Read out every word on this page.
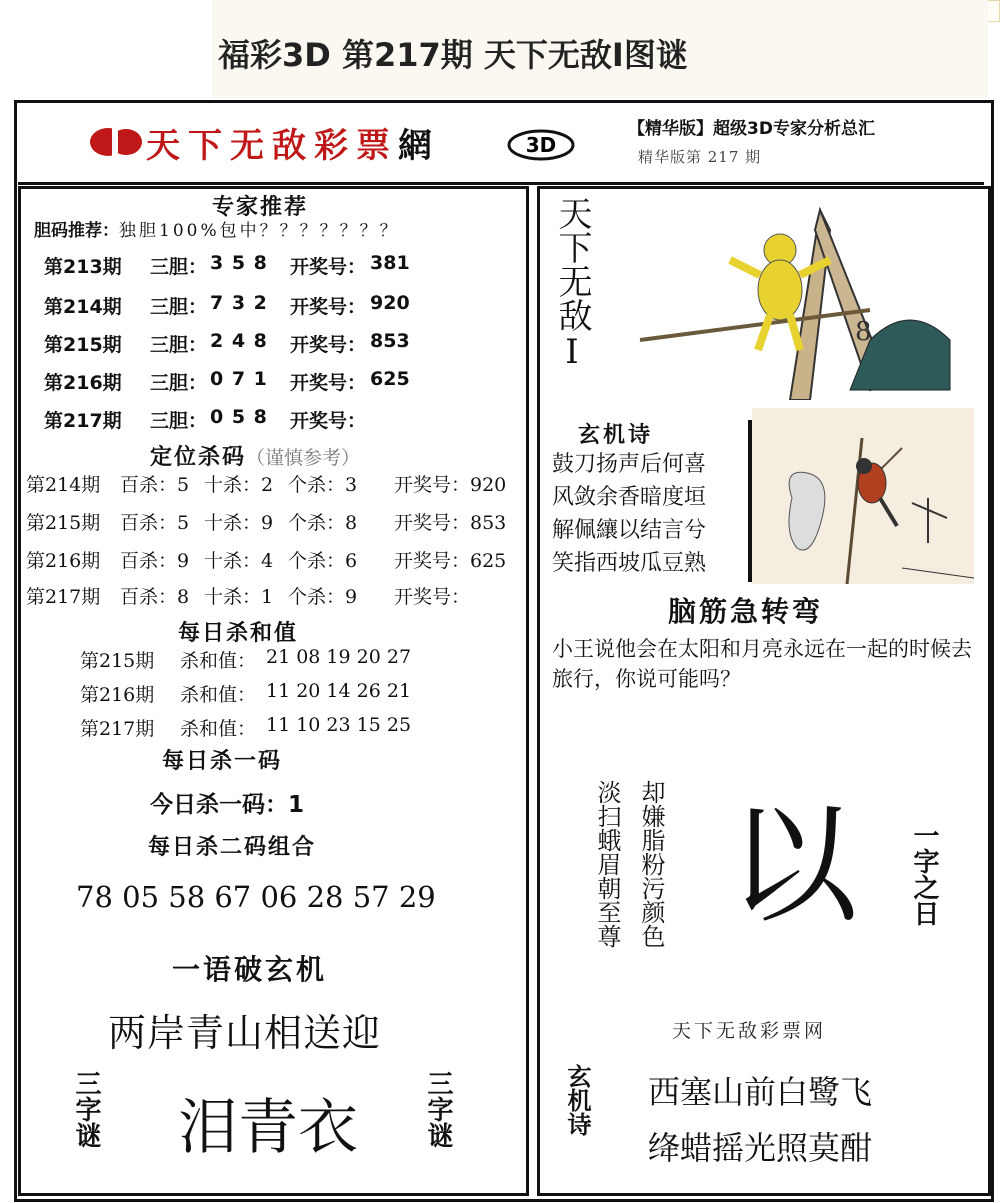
福彩3D 第217期 天下无敌Ⅰ图谜
天下无敌彩票網	3D
【精华版】超级3D专家分析总汇
精华版第 217 期
专家推荐
胆码推荐：独胆100%包中？？？？？？？
第213期 三胆： 3 5 8 开奖号： 381
第214期 三胆： 7 3 2 开奖号： 920
第215期 三胆： 2 4 8 开奖号： 853
第216期 三胆： 0 7 1 开奖号： 625
第217期 三胆： 0 5 8 开奖号：
定位杀码（谨慎参考）
第214期 百杀：5 十杀：2 个杀：3 开奖号：920
第215期 百杀：5 十杀：9 个杀：8 开奖号：853
第216期 百杀：9 十杀：4 个杀：6 开奖号：625
第217期 百杀：8 十杀：1 个杀：9 开奖号：
每日杀和值
第215期 杀和值： 21 08 19 20 27
第216期 杀和值： 11 20 14 26 21
第217期 杀和值： 11 10 23 15 25
每日杀一码
今日杀一码：1
每日杀二码组合
78 05 58 67 06 28 57 29
一语破玄机
两岸青山相送迎
三字谜	三字谜
泪青衣
天下无敌Ⅰ	8
玄机诗
鼓刀扬声后何喜
风敛余香暗度垣
解佩纕以结言兮
笑指西坡瓜豆熟
脑筋急转弯
小王说他会在太阳和月亮永远在一起的时候去旅行，你说可能吗？
却嫌脂粉污颜色
淡扫蛾眉朝至尊 以 一字之日
天下无敌彩票网
玄机诗 西塞山前白鹭飞
绛蜡摇光照莫酣
